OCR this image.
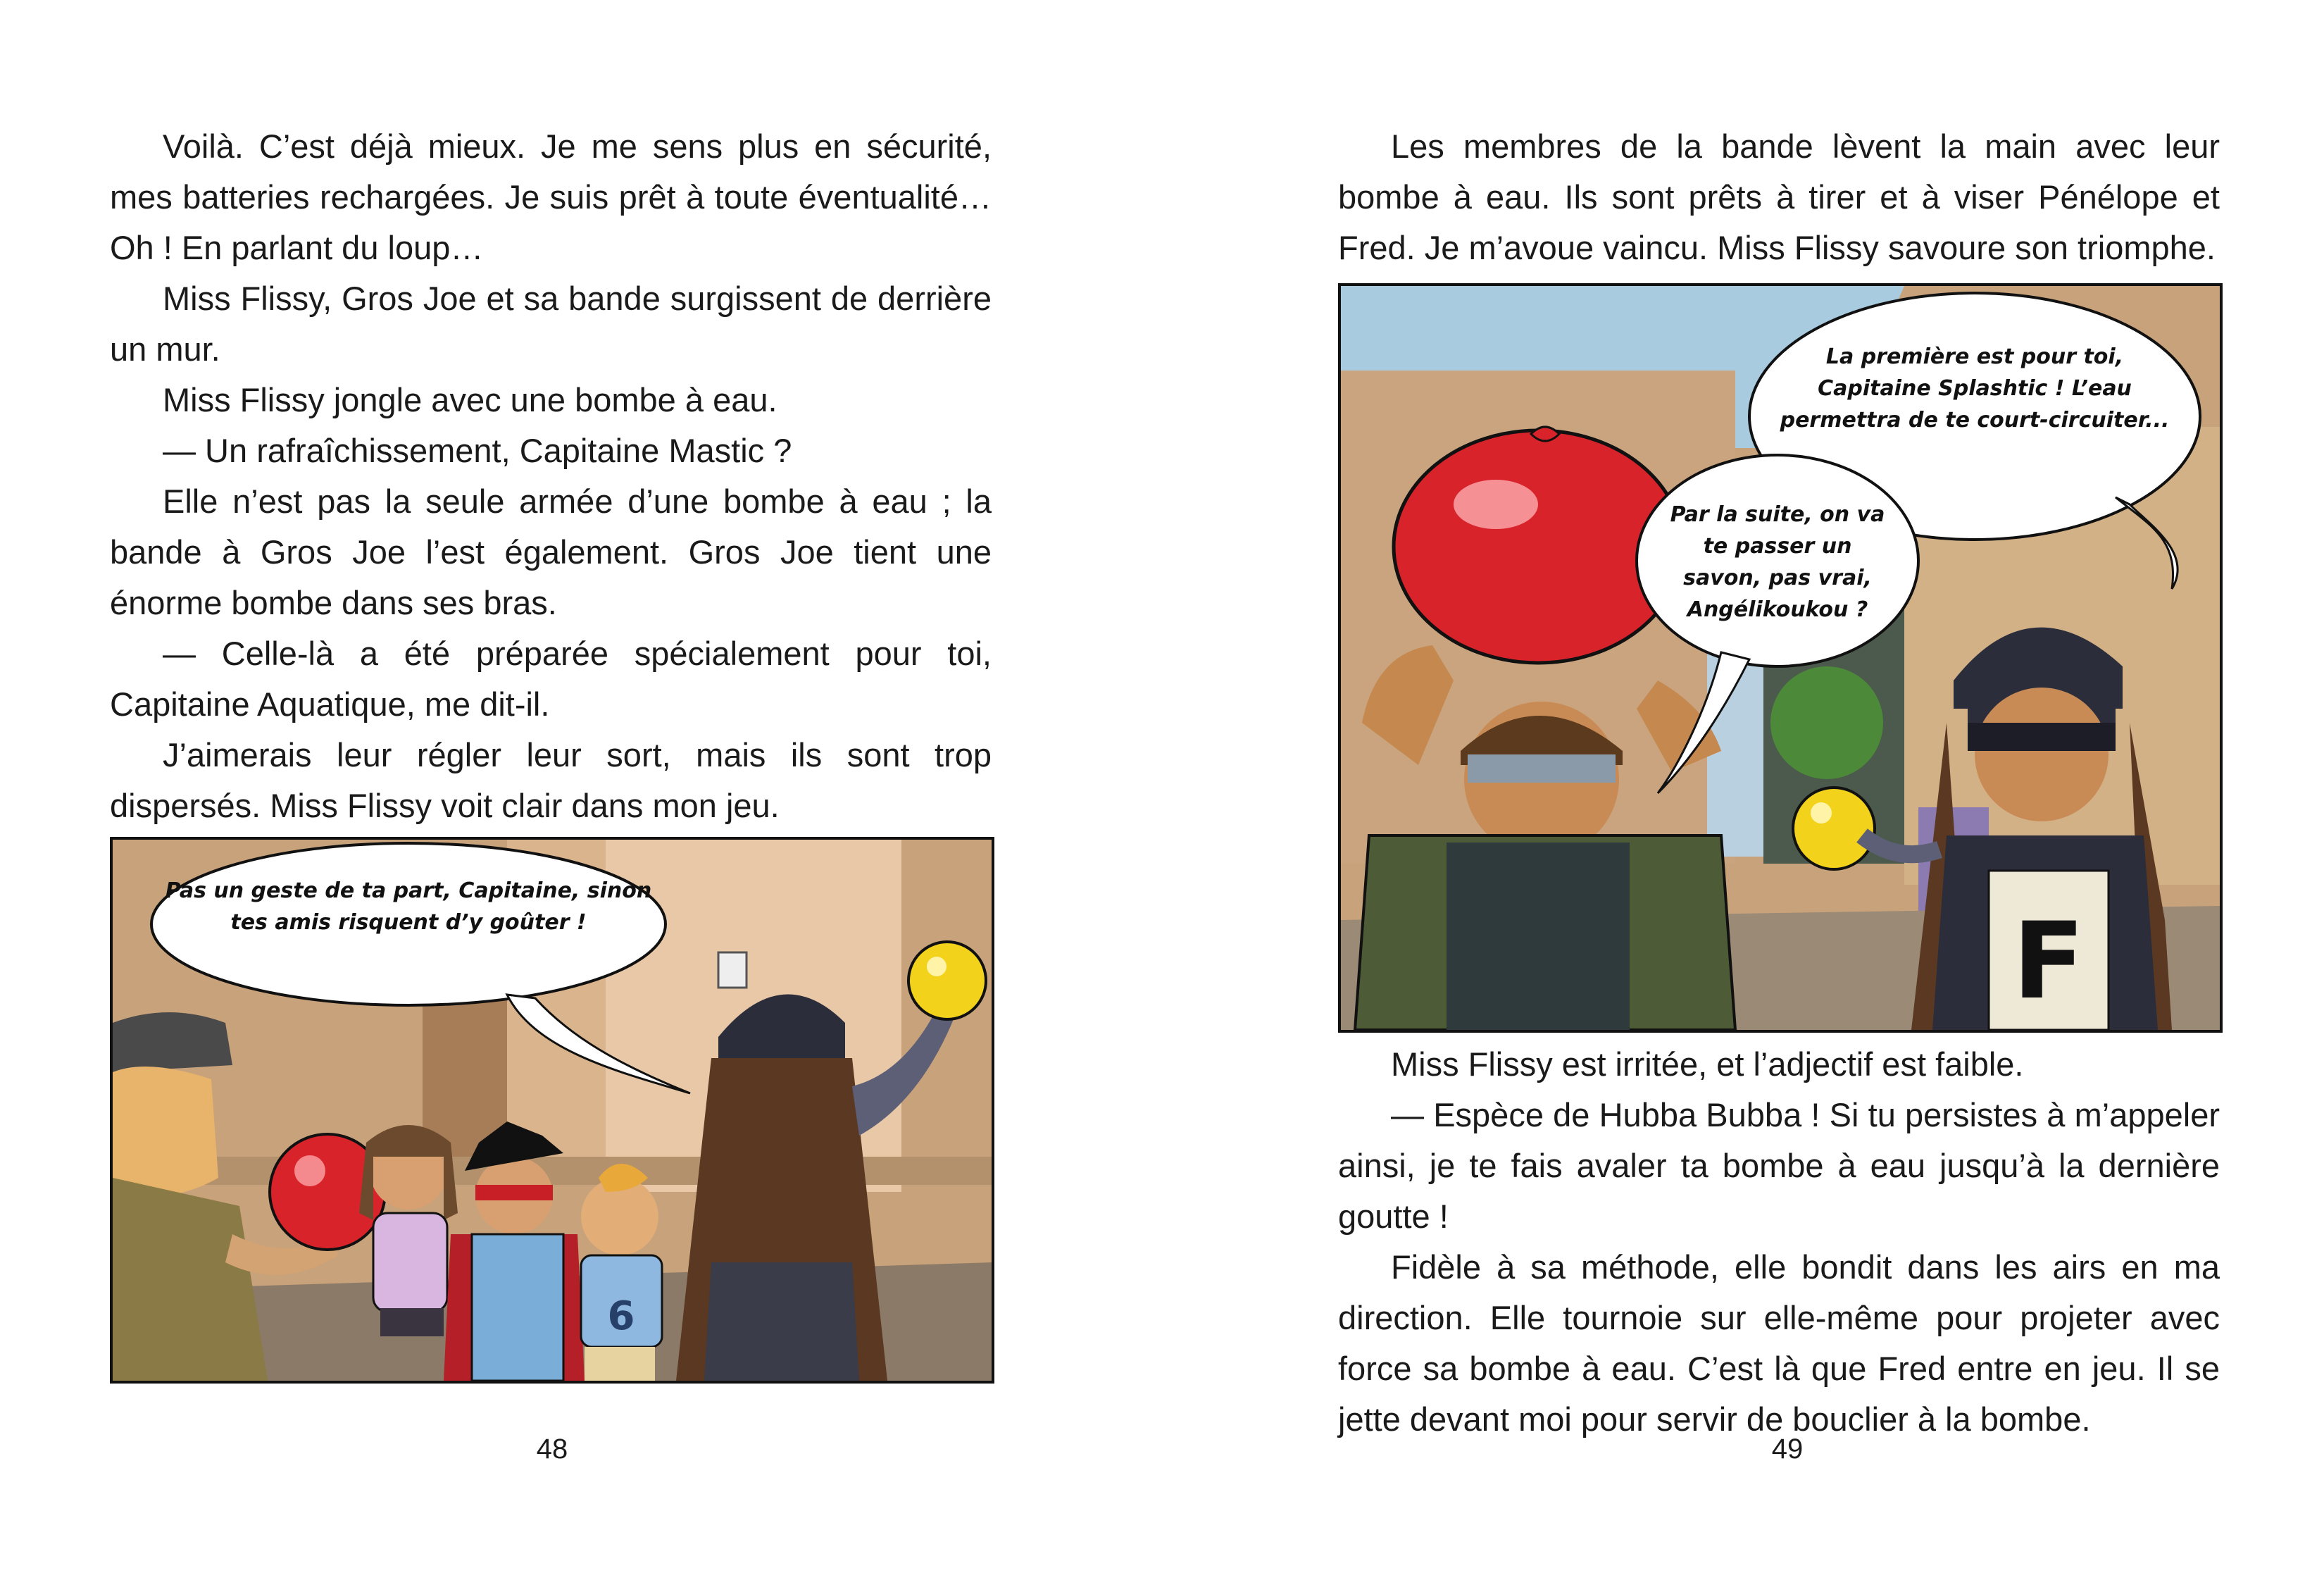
Voilà. C’est déjà mieux. Je me sens plus en sécurité, mes batteries rechargées. Je suis prêt à toute éventualité… Oh ! En parlant du loup…

Miss Flissy, Gros Joe et sa bande surgissent de derrière un mur.

Miss Flissy jongle avec une bombe à eau.

— Un rafraîchissement, Capitaine Mastic ?

Elle n’est pas la seule armée d’une bombe à eau ; la bande à Gros Joe l’est également. Gros Joe tient une énorme bombe dans ses bras.

— Celle-là a été préparée spécialement pour toi, Capitaine Aquatique, me dit-il.

J’aimerais leur régler leur sort, mais ils sont trop dispersés. Miss Flissy voit clair dans mon jeu.

6
Pas un geste de ta part, Capitaine, sinon tes amis risquent d’y goûter !
48

Les membres de la bande lèvent la main avec leur bombe à eau. Ils sont prêts à tirer et à viser Pénélope et Fred. Je m’avoue vaincu. Miss Flissy savoure son triomphe.

F
La première est pour toi, Capitaine Splashtic ! L’eau permettra de te court-circuiter...
Par la suite, on va te passer un savon, pas vrai, Angélikoukou ?

Miss Flissy est irritée, et l’adjectif est faible.

— Espèce de Hubba Bubba ! Si tu persistes à m’appeler ainsi, je te fais avaler ta bombe à eau jusqu’à la dernière goutte !

Fidèle à sa méthode, elle bondit dans les airs en ma direction. Elle tournoie sur elle-même pour projeter avec force sa bombe à eau. C’est là que Fred entre en jeu. Il se jette devant moi pour servir de bouclier à la bombe.

49
